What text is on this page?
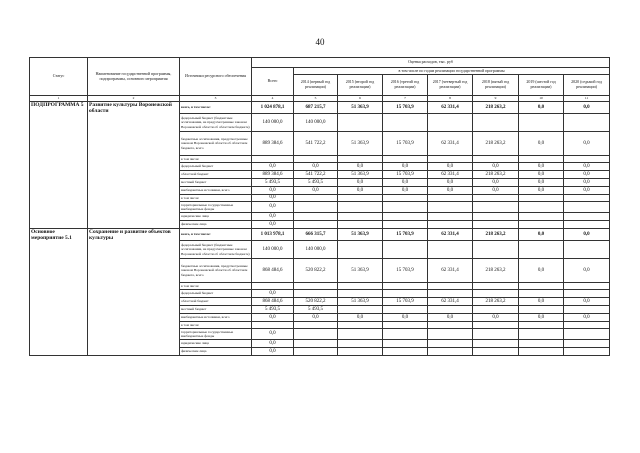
40
Статус	Наименование государственной программы, подпрограммы, основного мероприятия	Источники ресурсного обеспечения	Оценка расходов, тыс. руб							
			Всего	в том числе по годам реализации государственной программы						
				2014 (первый год реализации)	2015 (второй год реализации)	2016 (третий год реализации)	2017 (четвертый год реализации)	2018 (пятый год реализации)	2019 (шестой год реализации)	2020 (седьмой год реализации)
1	2	3	4	5	6	7	8	9	10	11
ПОДПРОГРАММА 5	Развитие культуры Воронежской области	всего, в том числе:	1 024 878,1	687 215,7	51 363,9	15 703,9	62 331,4	218 263,2	0,0	0,0
		федеральный бюджет (бюджетные ассигнования, не предусмотренные законом Воронежской области об областном бюджете)	140 000,0	140 000,0						
		бюджетные ассигнования, предусмотренные законом Воронежской области об областном бюджете, всего	889 384,6	541 722,2	51 363,9	15 703,9	62 331,4	218 263,2	0,0	0,0
		в том числе:								
		федеральный бюджет	0,0	0,0	0,0	0,0	0,0	0,0	0,0	0,0
		областной бюджет	889 384,6	541 722,2	51 363,9	15 703,9	62 331,4	218 263,2	0,0	0,0
		местный бюджет	5 493,5	5 493,5	0,0	0,0	0,0	0,0	0,0	0,0
		внебюджетные источники, всего	0,0	0,0	0,0	0,0	0,0	0,0	0,0	0,0
		в том числе:	0,0							
		территориальные государственные внебюджетные фонды	0,0							
		юридические лица	0,0							
		физические лица	0,0							
Основное мероприятие 5.1	Сохранение и развитие объектов культуры	всего, в том числе:	1 013 978,1	666 315,7	51 363,9	15 703,9	62 331,4	218 263,2	0,0	0,0
		федеральный бюджет (бюджетные ассигнования, не предусмотренные законом Воронежской области об областном бюджете)	140 000,0	140 000,0						
		бюджетные ассигнования, предусмотренные законом Воронежской области об областном бюджете, всего	868 484,6	520 822,2	51 363,9	15 703,9	62 331,4	218 263,2	0,0	0,0
		в том числе:								
		федеральный бюджет	0,0							
		областной бюджет	868 484,6	520 822,2	51 363,9	15 703,9	62 331,4	218 263,2	0,0	0,0
		местный бюджет	5 493,5	5 493,5						
		внебюджетные источники, всего	0,0	0,0	0,0	0,0	0,0	0,0	0,0	0,0
		в том числе:								
		территориальные государственные внебюджетные фонды	0,0							
		юридические лица	0,0							
		физические лица	0,0							
